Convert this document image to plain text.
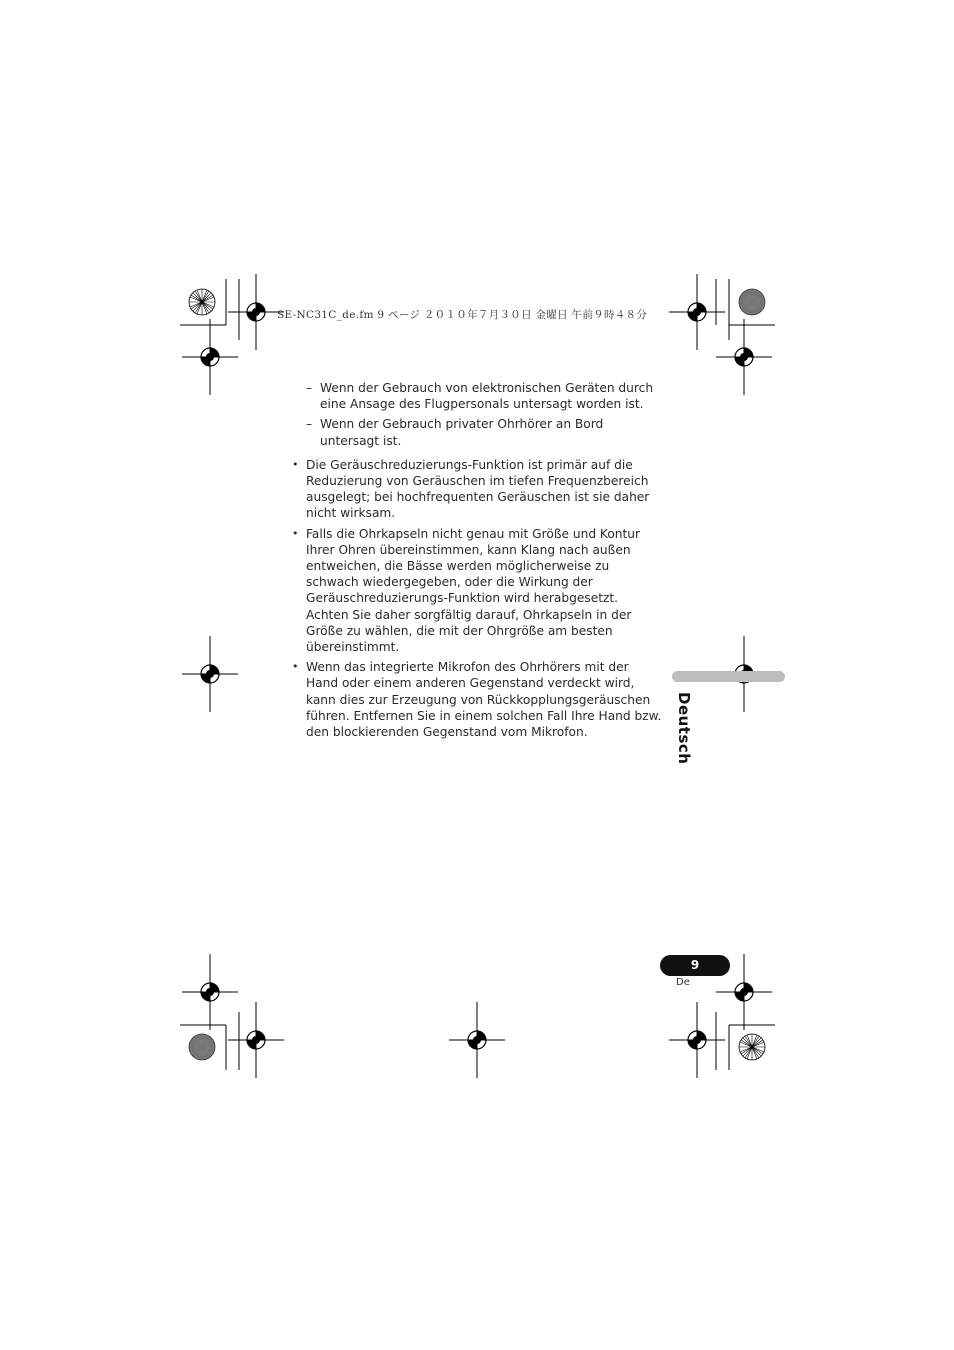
SE-NC31C_de.fm 9 ページ ２０１０年７月３０日 金曜日 午前９時４８分
– Wenn der Gebrauch von elektronischen Geräten durch eine Ansage des Flugpersonals untersagt worden ist.
– Wenn der Gebrauch privater Ohrhörer an Bord untersagt ist.
• Die Geräuschreduzierungs-Funktion ist primär auf die Reduzierung von Geräuschen im tiefen Frequenzbereich ausgelegt; bei hochfrequenten Geräuschen ist sie daher nicht wirksam.
• Falls die Ohrkapseln nicht genau mit Größe und Kontur Ihrer Ohren übereinstimmen, kann Klang nach außen entweichen, die Bässe werden möglicherweise zu schwach wiedergegeben, oder die Wirkung der Geräuschreduzierungs-Funktion wird herabgesetzt. Achten Sie daher sorgfältig darauf, Ohrkapseln in der Größe zu wählen, die mit der Ohrgröße am besten übereinstimmt.
• Wenn das integrierte Mikrofon des Ohrhörers mit der Hand oder einem anderen Gegenstand verdeckt wird, kann dies zur Erzeugung von Rückkopplungsgeräuschen führen. Entfernen Sie in einem solchen Fall Ihre Hand bzw. den blockierenden Gegenstand vom Mikrofon.	Deutsch
9
De
